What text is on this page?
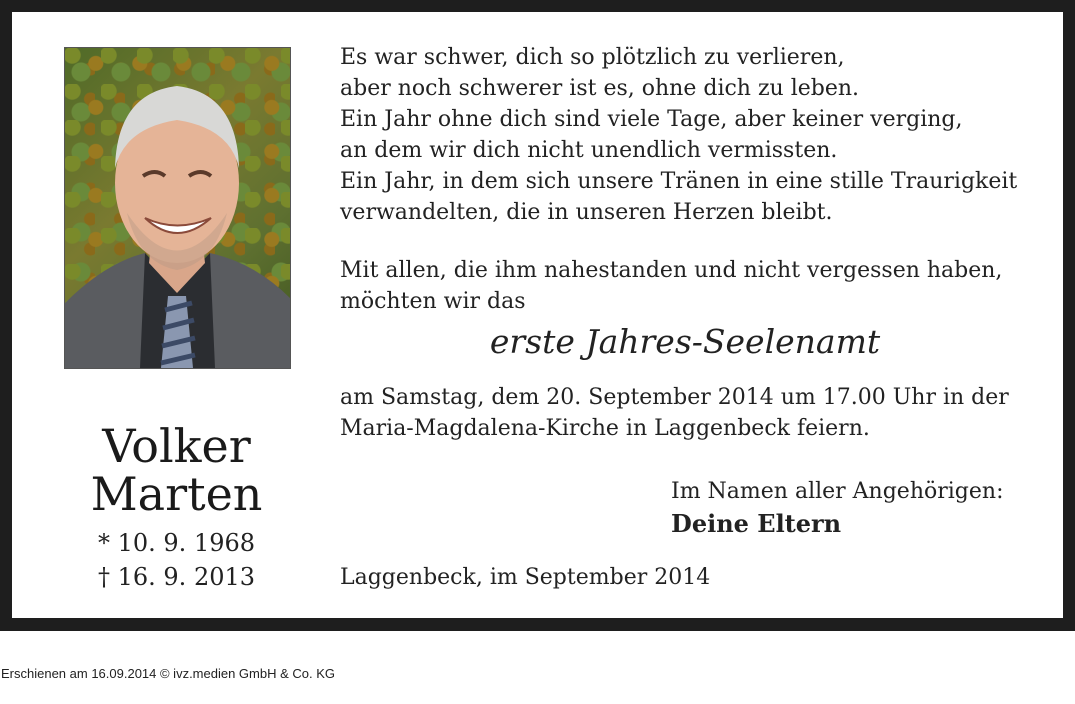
Volker
Marten
* 10. 9. 1968
† 16. 9. 2013
Es war schwer, dich so plötzlich zu verlieren,
aber noch schwerer ist es, ohne dich zu leben.
Ein Jahr ohne dich sind viele Tage, aber keiner verging,
an dem wir dich nicht unendlich vermissten.
Ein Jahr, in dem sich unsere Tränen in eine stille Traurigkeit
verwandelten, die in unseren Herzen bleibt.
Mit allen, die ihm nahestanden und nicht vergessen haben,
möchten wir das
erste Jahres-Seelenamt
am Samstag, dem 20. September 2014 um 17.00 Uhr in der
Maria-Magdalena-Kirche in Laggenbeck feiern.
Im Namen aller Angehörigen:
Deine Eltern
Laggenbeck, im September 2014
Erschienen am 16.09.2014 © ivz.medien GmbH & Co. KG
